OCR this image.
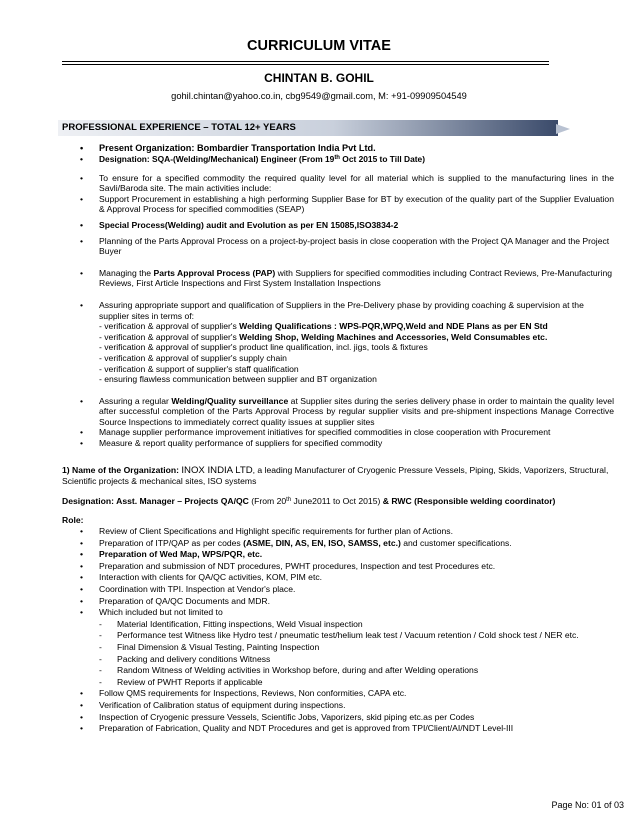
CURRICULUM VITAE
CHINTAN B. GOHIL
gohil.chintan@yahoo.co.in, cbg9549@gmail.com, M: +91-09909504549
PROFESSIONAL EXPERIENCE – TOTAL 12+ YEARS
• Present Organization: Bombardier Transportation India Pvt Ltd.
• Designation: SQA-(Welding/Mechanical) Engineer (From 19th Oct 2015 to Till Date)
• To ensure for a specified commodity the required quality level for all material which is supplied to the manufacturing lines in the Savli/Baroda site. The main activities include:
• Support Procurement in establishing a high performing Supplier Base for BT by execution of the quality part of the Supplier Evaluation & Approval Process for specified commodities (SEAP)
• Special Process(Welding) audit and Evolution as per EN 15085,ISO3834-2
• Planning of the Parts Approval Process on a project-by-project basis in close cooperation with the Project QA Manager and the Project Buyer
• Managing the Parts Approval Process (PAP) with Suppliers for specified commodities including Contract Reviews, Pre-Manufacturing Reviews, First Article Inspections and First System Installation Inspections
• Assuring appropriate support and qualification of Suppliers in the Pre-Delivery phase by providing coaching & supervision at the supplier sites in terms of:
- verification & approval of supplier's Welding Qualifications : WPS-PQR,WPQ,Weld and NDE Plans as per EN Std
- verification & approval of supplier's Welding Shop, Welding Machines and Accessories, Weld Consumables etc.
- verification & approval of supplier's product line qualification, incl. jigs, tools & fixtures
- verification & approval of supplier's supply chain
- verification & support of supplier's staff qualification
- ensuring flawless communication between supplier and BT organization
• Assuring a regular Welding/Quality surveillance at Supplier sites during the series delivery phase in order to maintain the quality level after successful completion of the Parts Approval Process by regular supplier visits and pre-shipment inspections Manage Corrective Source Inspections to immediately correct quality issues at supplier sites
• Manage supplier performance improvement initiatives for specified commodities in close cooperation with Procurement
• Measure & report quality performance of suppliers for specified commodity
1) Name of the Organization: INOX INDIA LTD, a leading Manufacturer of Cryogenic Pressure Vessels, Piping, Skids, Vaporizers, Structural, Scientific projects & mechanical sites, ISO systems
Designation: Asst. Manager – Projects QA/QC (From 20th June2011 to Oct 2015) & RWC (Responsible welding coordinator)
Role:
• Review of Client Specifications and Highlight specific requirements for further plan of Actions.
• Preparation of ITP/QAP as per codes (ASME, DIN, AS, EN, ISO, SAMSS, etc.) and customer specifications.
• Preparation of Wed Map, WPS/PQR, etc.
• Preparation and submission of NDT procedures, PWHT procedures, Inspection and test Procedures etc.
• Interaction with clients for QA/QC activities, KOM, PIM etc.
• Coordination with TPI. Inspection at Vendor's place.
• Preparation of QA/QC Documents and MDR.
• Which included but not limited to
- Material Identification, Fitting inspections, Weld Visual inspection
- Performance test Witness like Hydro test / pneumatic test/helium leak test / Vacuum retention / Cold shock test / NER etc.
- Final Dimension & Visual Testing, Painting Inspection
- Packing and delivery conditions Witness
- Random Witness of Welding activities in Workshop before, during and after Welding operations
- Review of PWHT Reports if applicable
• Follow QMS requirements for Inspections, Reviews, Non conformities, CAPA etc.
• Verification of Calibration status of equipment during inspections.
• Inspection of Cryogenic pressure Vessels, Scientific Jobs, Vaporizers, skid piping etc.as per Codes
• Preparation of Fabrication, Quality and NDT Procedures and get is approved from TPI/Client/AI/NDT Level-III
Page No: 01 of 03
